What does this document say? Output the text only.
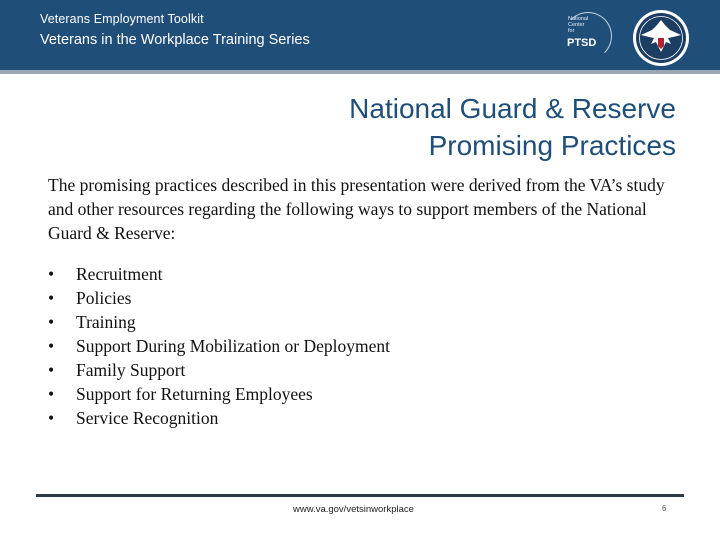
Veterans Employment Toolkit
Veterans in the Workplace Training Series
National
Center
for
PTSD
National Guard & Reserve
Promising Practices
The promising practices described in this presentation were derived from the VA’s study and other resources regarding the following ways to support members of the National Guard & Reserve:
• Recruitment
• Policies
• Training
• Support During Mobilization or Deployment
• Family Support
• Support for Returning Employees
• Service Recognition
www.va.gov/vetsinworkplace	6
